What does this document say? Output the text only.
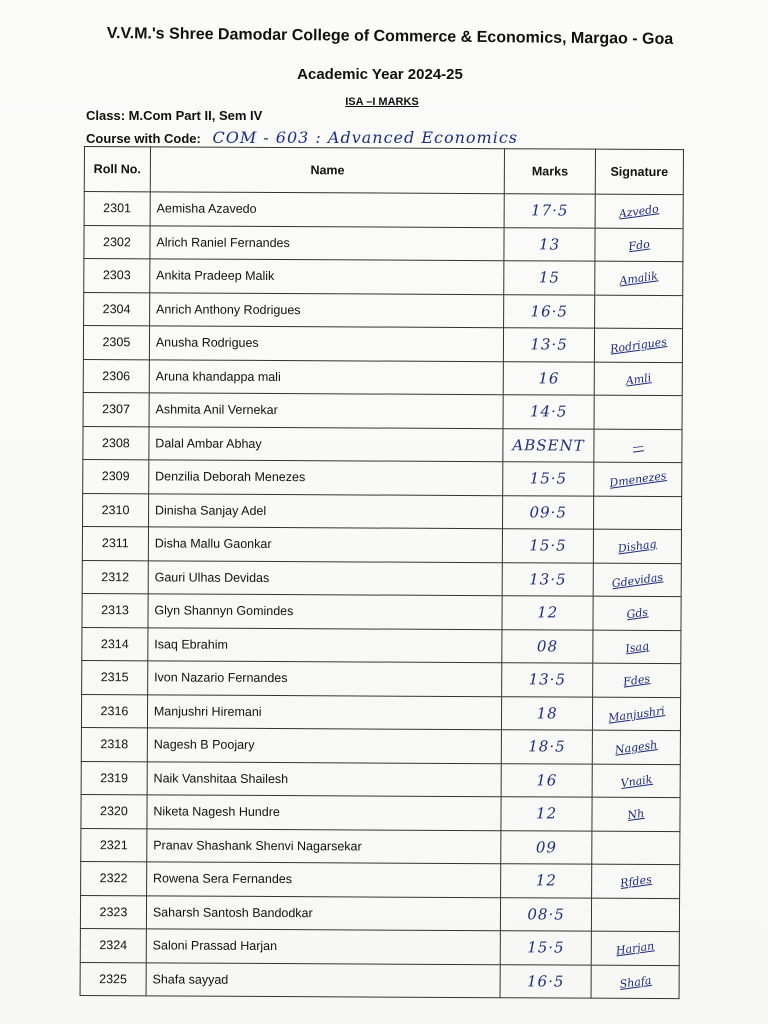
V.V.M.'s Shree Damodar College of Commerce & Economics, Margao - Goa
Academic Year 2024-25
ISA –I MARKS
Class: M.Com Part II, Sem IV
Course with Code: COM - 603 : Advanced Economics
Roll No.	Name	Marks	Signature
2301	Aemisha Azavedo	17·5	Azvedo
2302	Alrich Raniel Fernandes	13	Fdo
2303	Ankita Pradeep Malik	15	Amalik
2304	Anrich Anthony Rodrigues	16·5	
2305	Anusha Rodrigues	13·5	Rodrigues
2306	Aruna khandappa mali	16	Amli
2307	Ashmita Anil Vernekar	14·5	
2308	Dalal Ambar Abhay	ABSENT	—
2309	Denzilia Deborah Menezes	15·5	Dmenezes
2310	Dinisha Sanjay Adel	09·5	
2311	Disha Mallu Gaonkar	15·5	Dishag
2312	Gauri Ulhas Devidas	13·5	Gdevidas
2313	Glyn Shannyn Gomindes	12	Gds
2314	Isaq Ebrahim	08	Isaq
2315	Ivon Nazario Fernandes	13·5	Fdes
2316	Manjushri Hiremani	18	Manjushri
2318	Nagesh B Poojary	18·5	Nagesh
2319	Naik Vanshitaa Shailesh	16	Vnaik
2320	Niketa Nagesh Hundre	12	Nh
2321	Pranav Shashank Shenvi Nagarsekar	09	
2322	Rowena Sera Fernandes	12	Rfdes
2323	Saharsh Santosh Bandodkar	08·5	
2324	Saloni Prassad Harjan	15·5	Harjan
2325	Shafa sayyad	16·5	Shafa
